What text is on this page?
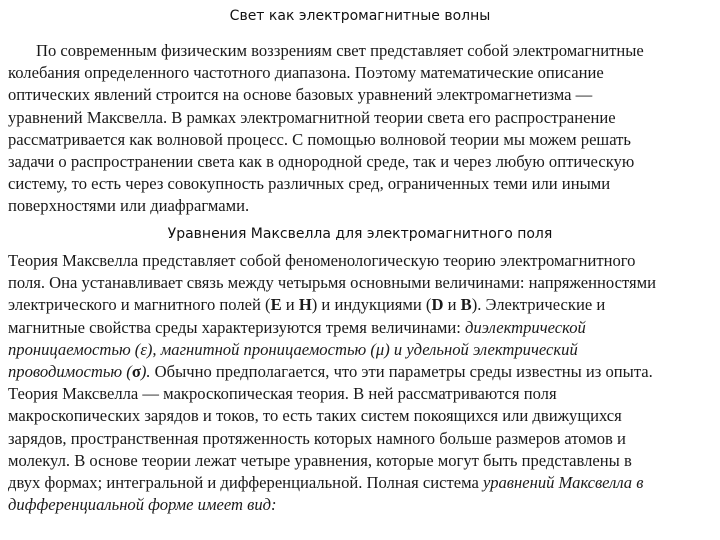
Свет как электромагнитные волны
По современным физическим воззрениям свет представляет собой электромагнитные
колебания определенного частотного диапазона. Поэтому математические описание
оптических явлений строится на основе базовых уравнений электромагнетизма —
уравнений Максвелла. В рамках электромагнитной теории света его распространение
рассматривается как волновой процесс. С помощью волновой теории мы можем решать
задачи о распространении света как в однородной среде, так и через любую оптическую
систему, то есть через совокупность различных сред, ограниченных теми или иными
поверхностями или диафрагмами.
Уравнения Максвелла для электромагнитного поля
Теория Максвелла представляет собой феноменологическую теорию электромагнитного
поля. Она устанавливает связь между четырьмя основными величинами: напряженностями
электрического и магнитного полей (E и H) и индукциями (D и B). Электрические и
магнитные свойства среды характеризуются тремя величинами: диэлектрической
проницаемостью (ε), магнитной проницаемостью (μ) и удельной электрический
проводимостью (σ). Обычно предполагается, что эти параметры среды известны из опыта.
Теория Максвелла — макроскопическая теория. В ней рассматриваются поля
макроскопических зарядов и токов, то есть таких систем покоящихся или движущихся
зарядов, пространственная протяженность которых намного больше размеров атомов и
молекул. В основе теории лежат четыре уравнения, которые могут быть представлены в
двух формах; интегральной и дифференциальной. Полная система уравнений Максвелла в
дифференциальной форме имеет вид:
